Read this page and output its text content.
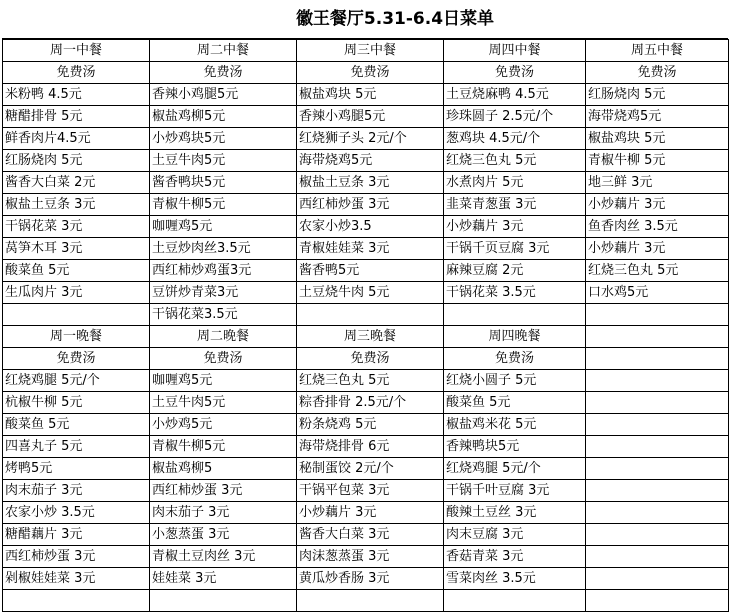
徽王餐厅5.31-6.4日菜单
周一中餐	周二中餐	周三中餐	周四中餐	周五中餐
免费汤	免费汤	免费汤	免费汤	免费汤
米粉鸭 4.5元	香辣小鸡腿5元	椒盐鸡块 5元	土豆烧麻鸭 4.5元	红肠烧肉 5元
糖醋排骨 5元	椒盐鸡柳5元	香辣小鸡腿5元	珍珠圆子 2.5元/个	海带烧鸡5元
鲜香肉片4.5元	小炒鸡块5元	红烧狮子头 2元/个	葱鸡块 4.5元/个	椒盐鸡块 5元
红肠烧肉 5元	土豆牛肉5元	海带烧鸡5元	红烧三色丸 5元	青椒牛柳 5元
酱香大白菜 2元	酱香鸭块5元	椒盐土豆条 3元	水煮肉片 5元	地三鲜 3元
椒盐土豆条 3元	青椒牛柳5元	西红柿炒蛋 3元	韭菜青葱蛋 3元	小炒藕片 3元
干锅花菜 3元	咖喱鸡5元	农家小炒3.5	小炒藕片 3元	鱼香肉丝 3.5元
莴笋木耳 3元	土豆炒肉丝3.5元	青椒娃娃菜 3元	干锅千页豆腐 3元	小炒藕片 3元
酸菜鱼 5元	西红柿炒鸡蛋3元	酱香鸭5元	麻辣豆腐 2元	红烧三色丸 5元
生瓜肉片 3元	豆饼炒青菜3元	土豆烧牛肉 5元	干锅花菜 3.5元	口水鸡5元
	干锅花菜3.5元			
周一晚餐	周二晚餐	周三晚餐	周四晚餐	
免费汤	免费汤	免费汤	免费汤	
红烧鸡腿 5元/个	咖喱鸡5元	红烧三色丸 5元	红烧小圆子 5元	
杭椒牛柳 5元	土豆牛肉5元	粽香排骨 2.5元/个	酸菜鱼 5元	
酸菜鱼 5元	小炒鸡5元	粉条烧鸡 5元	椒盐鸡米花 5元	
四喜丸子 5元	青椒牛柳5元	海带烧排骨 6元	香辣鸭块5元	
烤鸭5元	椒盐鸡柳5	秘制蛋饺 2元/个	红烧鸡腿 5元/个	
肉末茄子 3元	西红柿炒蛋 3元	干锅平包菜 3元	干锅千叶豆腐 3元	
农家小炒 3.5元	肉末茄子 3元	小炒藕片 3元	酸辣土豆丝 3元	
糖醋藕片 3元	小葱蒸蛋 3元	酱香大白菜 3元	肉末豆腐 3元	
西红柿炒蛋 3元	青椒土豆肉丝 3元	肉沫葱蒸蛋 3元	香菇青菜 3元	
剁椒娃娃菜 3元	娃娃菜 3元	黄瓜炒香肠 3元	雪菜肉丝 3.5元	
